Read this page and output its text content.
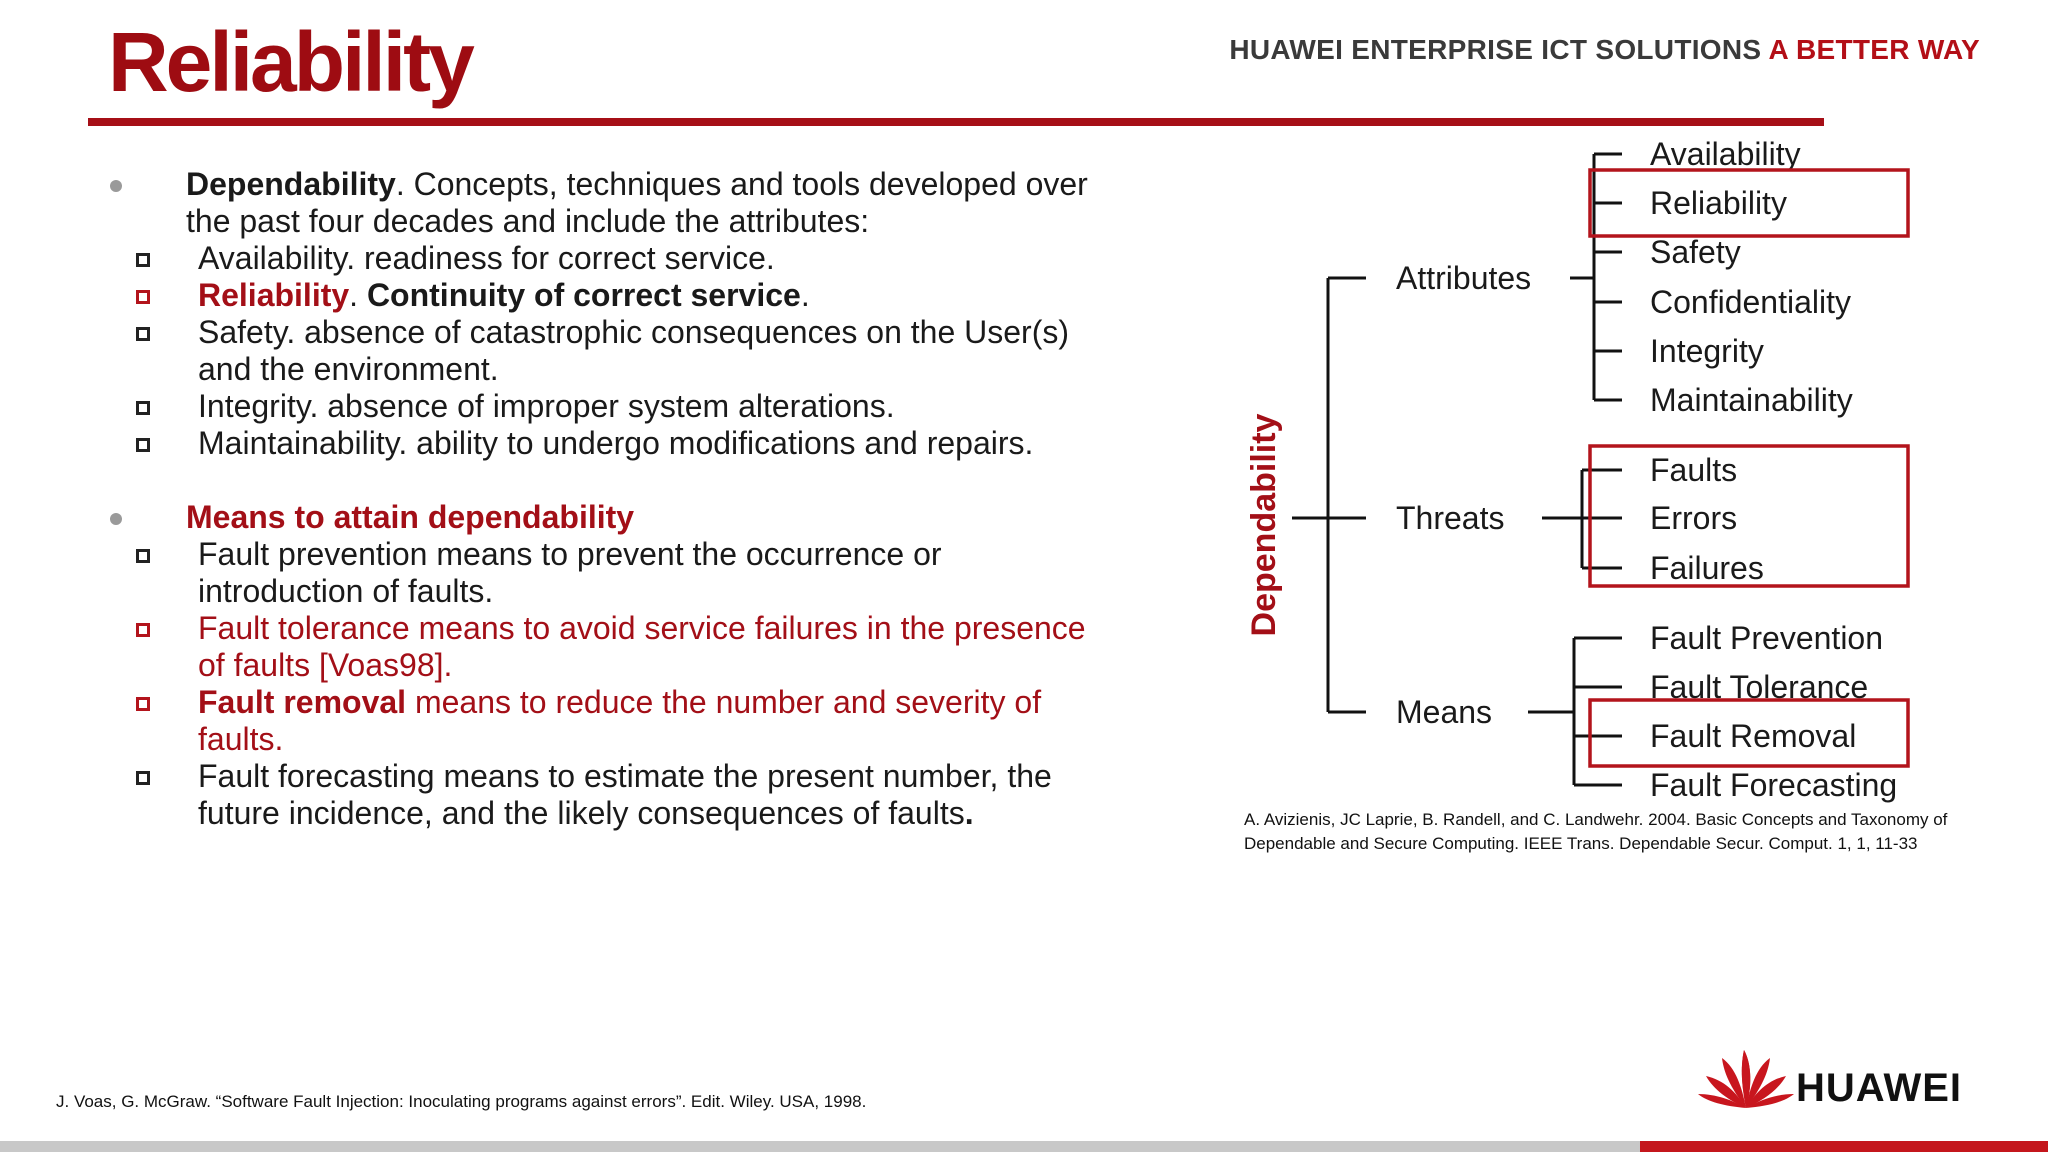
Reliability	HUAWEI ENTERPRISE ICT SOLUTIONS A BETTER WAY
Dependability. Concepts, techniques and tools developed over the past four decades and include the attributes:
Availability. readiness for correct service.
Reliability. Continuity of correct service.
Safety. absence of catastrophic consequences on the User(s) and the environment.
Integrity. absence of improper system alterations.
Maintainability. ability to undergo modifications and repairs.
Means to attain dependability
Fault prevention means to prevent the occurrence or introduction of faults.
Fault tolerance means to avoid service failures in the presence of faults [Voas98].
Fault removal means to reduce the number and severity of faults.
Fault forecasting means to estimate the present number, the future incidence, and the likely consequences of faults.
Dependability
Attributes
Threats
Means
Availability
Reliability
Safety
Confidentiality
Integrity
Maintainability
Faults
Errors
Failures
Fault Prevention
Fault Tolerance
Fault Removal
Fault Forecasting
A. Avizienis, JC Laprie, B. Randell, and C. Landwehr. 2004. Basic Concepts and Taxonomy of Dependable and Secure Computing. IEEE Trans. Dependable Secur. Comput. 1, 1, 11-33
J. Voas, G. McGraw. “Software Fault Injection: Inoculating programs against errors”. Edit. Wiley. USA, 1998.	HUAWEI
